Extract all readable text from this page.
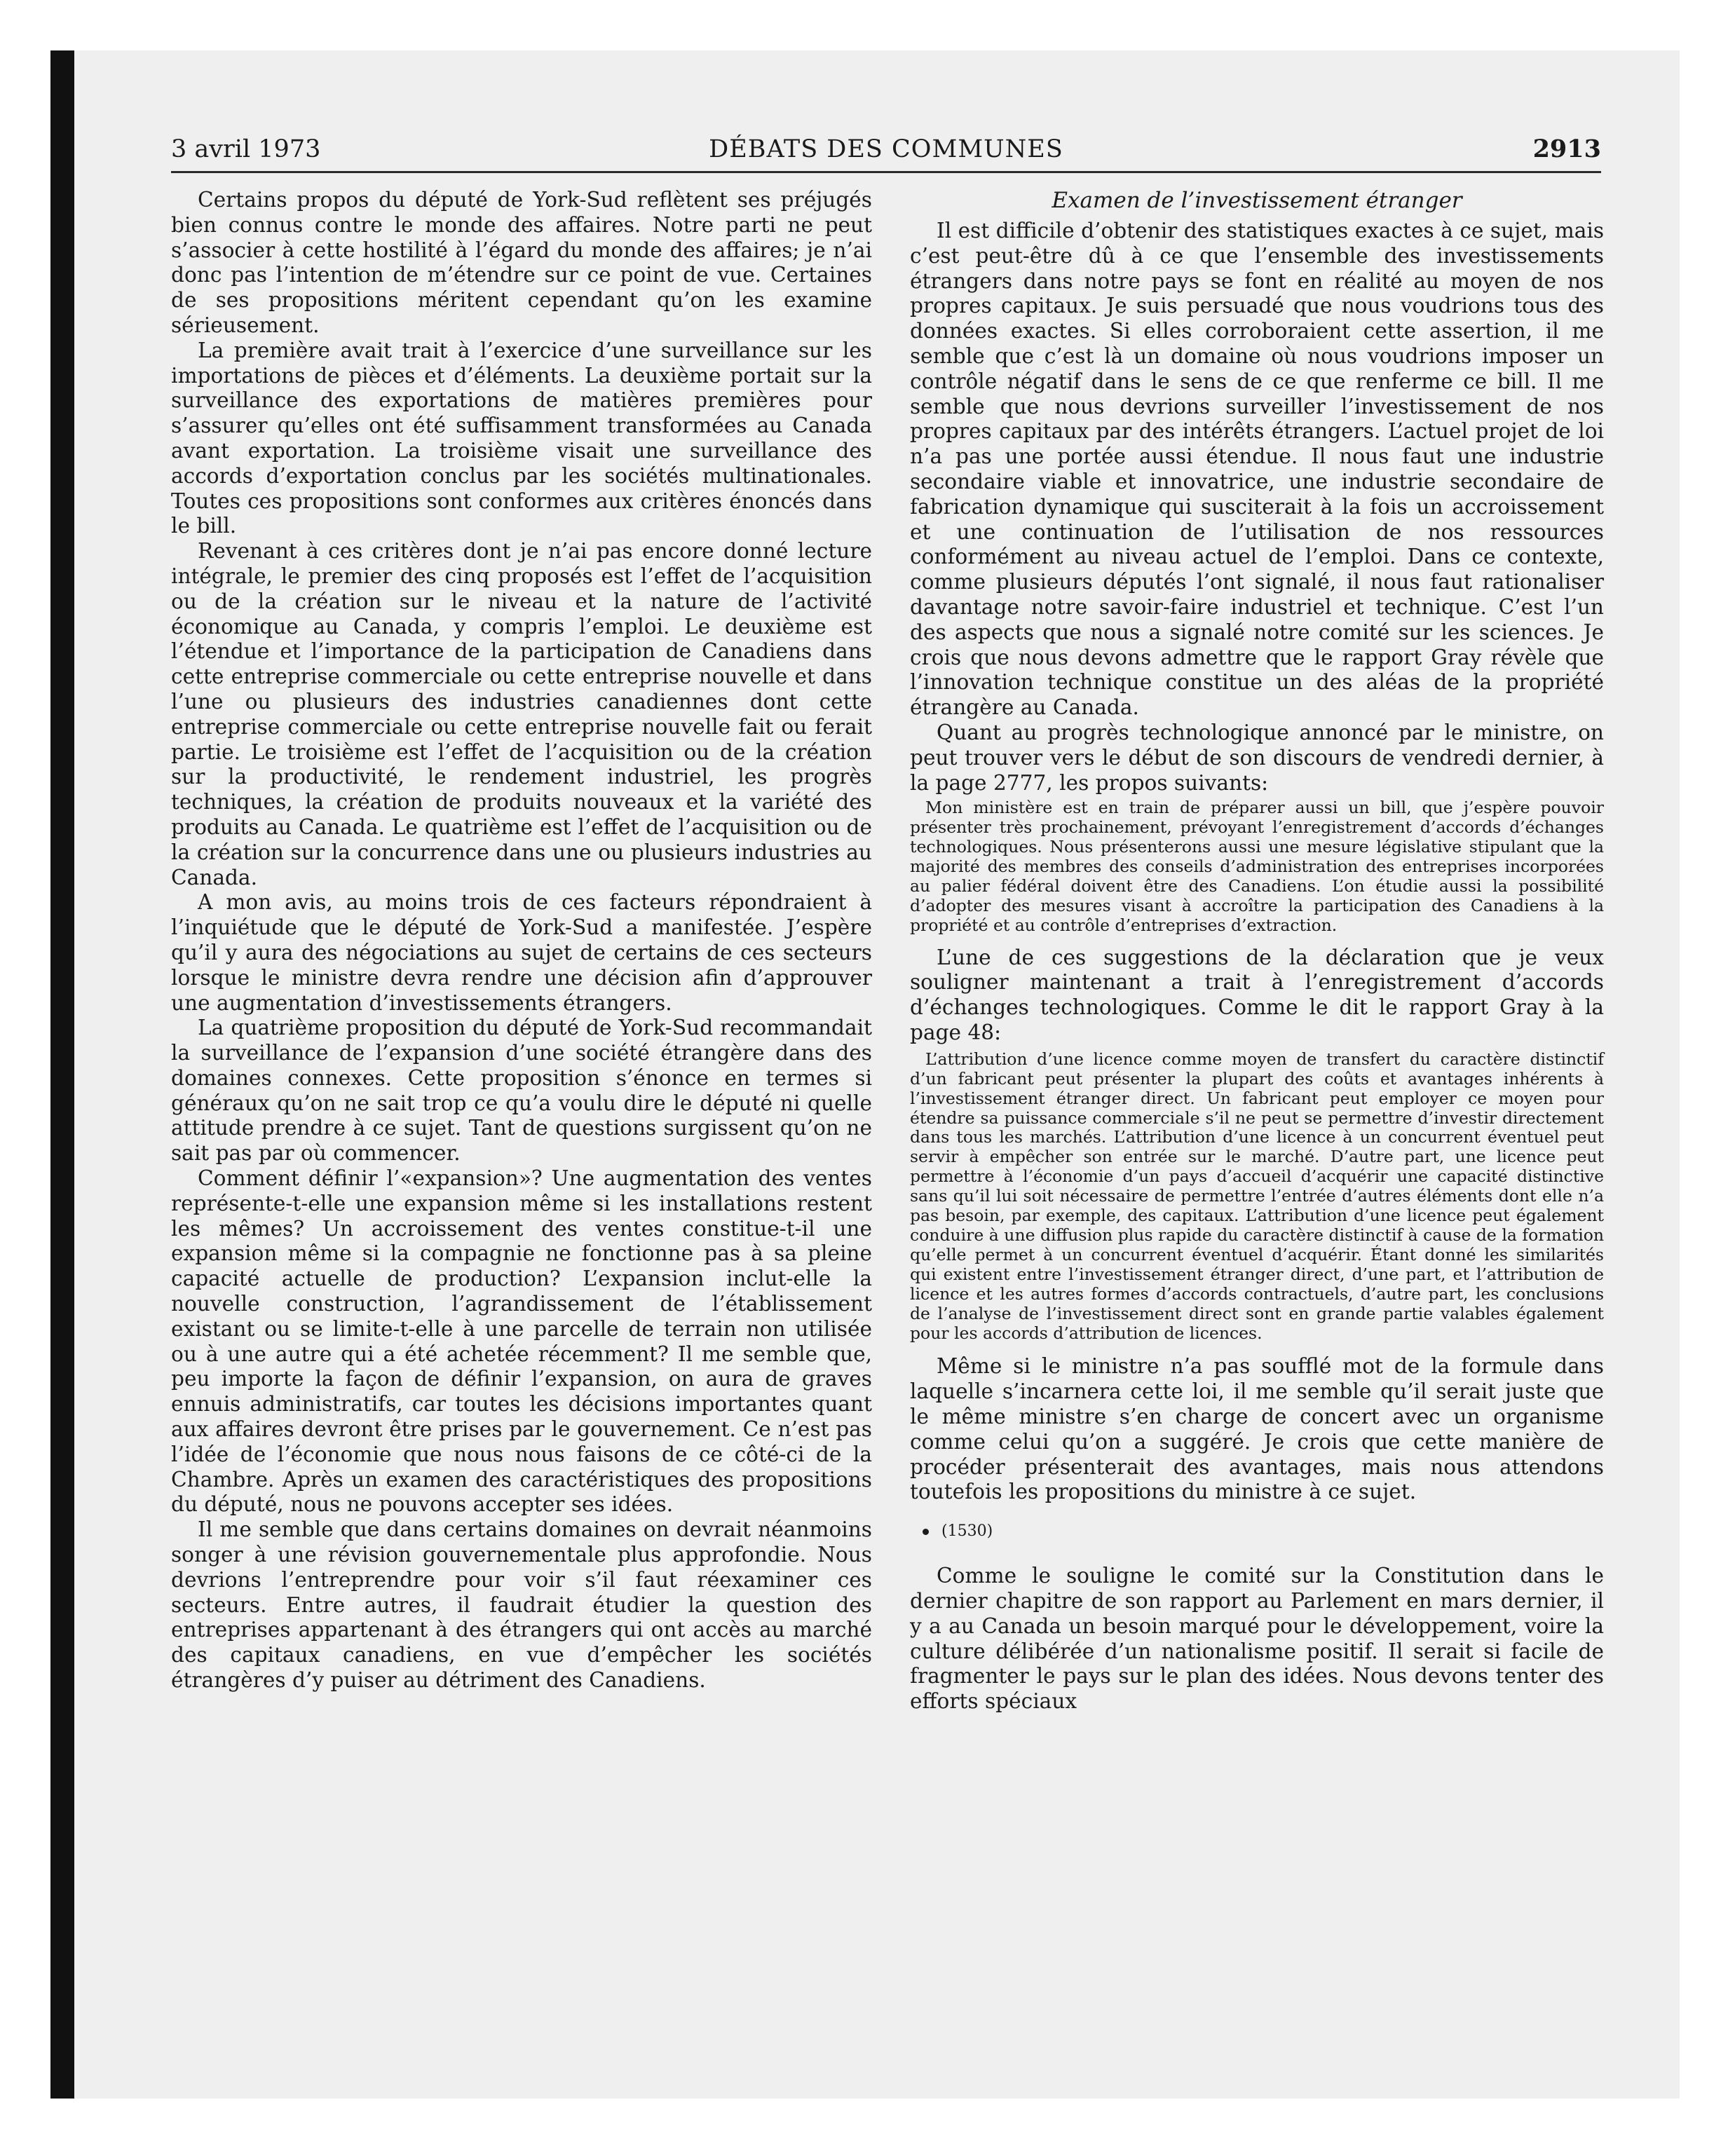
3 avril 1973	DÉBATS DES COMMUNES	2913

Certains propos du député de York-Sud reflètent ses préjugés bien connus contre le monde des affaires. Notre parti ne peut s’associer à cette hostilité à l’égard du monde des affaires; je n’ai donc pas l’intention de m’étendre sur ce point de vue. Certaines de ses propositions méritent cependant qu’on les examine sérieusement.

La première avait trait à l’exercice d’une surveillance sur les importations de pièces et d’éléments. La deuxième portait sur la surveillance des exportations de matières premières pour s’assurer qu’elles ont été suffisamment transformées au Canada avant exportation. La troisième visait une surveillance des accords d’exportation conclus par les sociétés multinationales. Toutes ces propositions sont conformes aux critères énoncés dans le bill.

Revenant à ces critères dont je n’ai pas encore donné lecture intégrale, le premier des cinq proposés est l’effet de l’acquisition ou de la création sur le niveau et la nature de l’activité économique au Canada, y compris l’emploi. Le deuxième est l’étendue et l’importance de la participation de Canadiens dans cette entreprise commerciale ou cette entreprise nouvelle et dans l’une ou plusieurs des industries canadiennes dont cette entreprise commerciale ou cette entreprise nouvelle fait ou ferait partie. Le troisième est l’effet de l’acquisition ou de la création sur la productivité, le rendement industriel, les progrès techniques, la création de produits nouveaux et la variété des produits au Canada. Le quatrième est l’effet de l’acquisition ou de la création sur la concurrence dans une ou plusieurs industries au Canada.

A mon avis, au moins trois de ces facteurs répondraient à l’inquiétude que le député de York-Sud a manifestée. J’espère qu’il y aura des négociations au sujet de certains de ces secteurs lorsque le ministre devra rendre une décision afin d’approuver une augmentation d’investissements étrangers.

La quatrième proposition du député de York-Sud recommandait la surveillance de l’expansion d’une société étrangère dans des domaines connexes. Cette proposition s’énonce en termes si généraux qu’on ne sait trop ce qu’a voulu dire le député ni quelle attitude prendre à ce sujet. Tant de questions surgissent qu’on ne sait pas par où commencer.

Comment définir l’«expansion»? Une augmentation des ventes représente-t-elle une expansion même si les installations restent les mêmes? Un accroissement des ventes constitue-t-il une expansion même si la compagnie ne fonctionne pas à sa pleine capacité actuelle de production? L’expansion inclut-elle la nouvelle construction, l’agrandissement de l’établissement existant ou se limite-t-elle à une parcelle de terrain non utilisée ou à une autre qui a été achetée récemment? Il me semble que, peu importe la façon de définir l’expansion, on aura de graves ennuis administratifs, car toutes les décisions importantes quant aux affaires devront être prises par le gouvernement. Ce n’est pas l’idée de l’économie que nous nous faisons de ce côté-ci de la Chambre. Après un examen des caractéristiques des propositions du député, nous ne pouvons accepter ses idées.

Il me semble que dans certains domaines on devrait néanmoins songer à une révision gouvernementale plus approfondie. Nous devrions l’entreprendre pour voir s’il faut réexaminer ces secteurs. Entre autres, il faudrait étudier la question des entreprises appartenant à des étrangers qui ont accès au marché des capitaux canadiens, en vue d’empêcher les sociétés étrangères d’y puiser au détriment des Canadiens.

Examen de l’investissement étranger

Il est difficile d’obtenir des statistiques exactes à ce sujet, mais c’est peut-être dû à ce que l’ensemble des investissements étrangers dans notre pays se font en réalité au moyen de nos propres capitaux. Je suis persuadé que nous voudrions tous des données exactes. Si elles corroboraient cette assertion, il me semble que c’est là un domaine où nous voudrions imposer un contrôle négatif dans le sens de ce que renferme ce bill. Il me semble que nous devrions surveiller l’investissement de nos propres capitaux par des intérêts étrangers. L’actuel projet de loi n’a pas une portée aussi étendue. Il nous faut une industrie secondaire viable et innovatrice, une industrie secondaire de fabrication dynamique qui susciterait à la fois un accroissement et une continuation de l’utilisation de nos ressources conformément au niveau actuel de l’emploi. Dans ce contexte, comme plusieurs députés l’ont signalé, il nous faut rationaliser davantage notre savoir-faire industriel et technique. C’est l’un des aspects que nous a signalé notre comité sur les sciences. Je crois que nous devons admettre que le rapport Gray révèle que l’innovation technique constitue un des aléas de la propriété étrangère au Canada.

Quant au progrès technologique annoncé par le ministre, on peut trouver vers le début de son discours de vendredi dernier, à la page 2777, les propos suivants:

Mon ministère est en train de préparer aussi un bill, que j’espère pouvoir présenter très prochainement, prévoyant l’enregistrement d’accords d’échanges technologiques. Nous présenterons aussi une mesure législative stipulant que la majorité des membres des conseils d’administration des entreprises incorporées au palier fédéral doivent être des Canadiens. L’on étudie aussi la possibilité d’adopter des mesures visant à accroître la participation des Canadiens à la propriété et au contrôle d’entreprises d’extraction.

L’une de ces suggestions de la déclaration que je veux souligner maintenant a trait à l’enregistrement d’accords d’échanges technologiques. Comme le dit le rapport Gray à la page 48:

L’attribution d’une licence comme moyen de transfert du caractère distinctif d’un fabricant peut présenter la plupart des coûts et avantages inhérents à l’investissement étranger direct. Un fabricant peut employer ce moyen pour étendre sa puissance commerciale s’il ne peut se permettre d’investir directement dans tous les marchés. L’attribution d’une licence à un concurrent éventuel peut servir à empêcher son entrée sur le marché. D’autre part, une licence peut permettre à l’économie d’un pays d’accueil d’acquérir une capacité distinctive sans qu’il lui soit nécessaire de permettre l’entrée d’autres éléments dont elle n’a pas besoin, par exemple, des capitaux. L’attribution d’une licence peut également conduire à une diffusion plus rapide du caractère distinctif à cause de la formation qu’elle permet à un concurrent éventuel d’acquérir. Étant donné les similarités qui existent entre l’investissement étranger direct, d’une part, et l’attribution de licence et les autres formes d’accords contractuels, d’autre part, les conclusions de l’analyse de l’investissement direct sont en grande partie valables également pour les accords d’attribution de licences.

Même si le ministre n’a pas soufflé mot de la formule dans laquelle s’incarnera cette loi, il me semble qu’il serait juste que le même ministre s’en charge de concert avec un organisme comme celui qu’on a suggéré. Je crois que cette manière de procéder présenterait des avantages, mais nous attendons toutefois les propositions du ministre à ce sujet.

(1530)

Comme le souligne le comité sur la Constitution dans le dernier chapitre de son rapport au Parlement en mars dernier, il y a au Canada un besoin marqué pour le développement, voire la culture délibérée d’un nationalisme positif. Il serait si facile de fragmenter le pays sur le plan des idées. Nous devons tenter des efforts spéciaux
